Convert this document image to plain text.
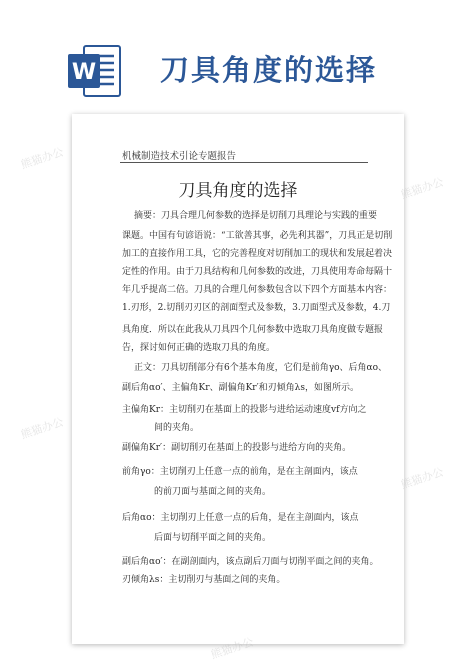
W 刀具角度的选择
机械制造技术引论专题报告
刀具角度的选择
摘要：刀具合理几何参数的选择是切削刀具理论与实践的重要
课题。中国有句谚语说：“工欲善其事，必先利其器”，刀具正是切削
加工的直接作用工具，它的完善程度对切削加工的现状和发展起着决
定性的作用。由于刀具结构和几何参数的改进，刀具使用寿命每隔十
年几乎提高二倍。刀具的合理几何参数包含以下四个方面基本内容：
1.刃形，2.切削刃刃区的剖面型式及参数，3.刀面型式及参数，4.刀
具角度．所以在此我从刀具四个几何参数中选取刀具角度做专题报
告，探讨如何正确的选取刀具的角度。
正文：刀具切削部分有6个基本角度，它们是前角γo、后角αo、
副后角αo′、主偏角Kr、副偏角Kr′和刃倾角λs，如图所示。
主偏角Kr：主切削刃在基面上的投影与进给运动速度vf方向之
间的夹角。
副偏角Kr′：副切削刃在基面上的投影与进给方向的夹角。
前角γo：主切削刃上任意一点的前角，是在主剖面内，该点
的前刀面与基面之间的夹角。
后角αo：主切削刃上任意一点的后角，是在主剖面内，该点
后面与切削平面之间的夹角。
副后角αo′：在副剖面内，该点副后刀面与切削平面之间的夹角。
刃倾角λs：主切削刃与基面之间的夹角。
熊猫办公
熊猫办公
熊猫办公
熊猫办公
熊猫办公
